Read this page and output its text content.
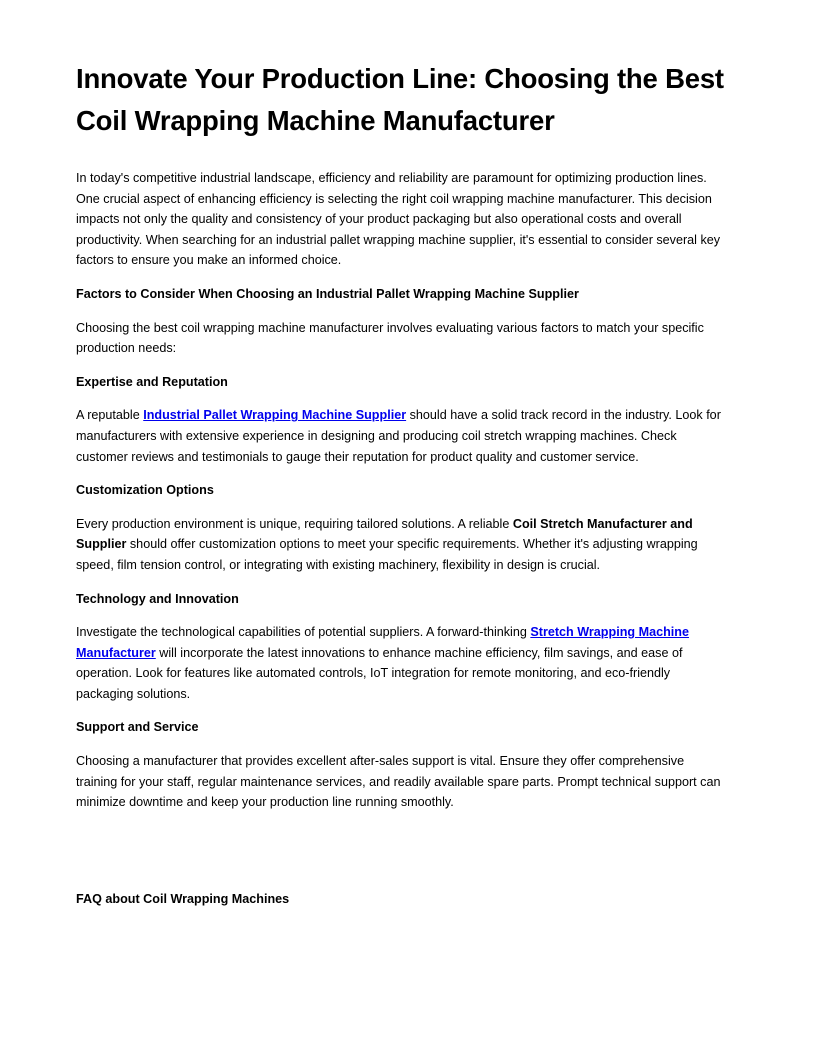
Innovate Your Production Line: Choosing the Best Coil Wrapping Machine Manufacturer

In today's competitive industrial landscape, efficiency and reliability are paramount for optimizing production lines. One crucial aspect of enhancing efficiency is selecting the right coil wrapping machine manufacturer. This decision impacts not only the quality and consistency of your product packaging but also operational costs and overall productivity. When searching for an industrial pallet wrapping machine supplier, it's essential to consider several key factors to ensure you make an informed choice.

Factors to Consider When Choosing an Industrial Pallet Wrapping Machine Supplier

Choosing the best coil wrapping machine manufacturer involves evaluating various factors to match your specific production needs:

Expertise and Reputation

A reputable Industrial Pallet Wrapping Machine Supplier should have a solid track record in the industry. Look for manufacturers with extensive experience in designing and producing coil stretch wrapping machines. Check customer reviews and testimonials to gauge their reputation for product quality and customer service.

Customization Options

Every production environment is unique, requiring tailored solutions. A reliable Coil Stretch Manufacturer and Supplier should offer customization options to meet your specific requirements. Whether it's adjusting wrapping speed, film tension control, or integrating with existing machinery, flexibility in design is crucial.

Technology and Innovation

Investigate the technological capabilities of potential suppliers. A forward-thinking Stretch Wrapping Machine Manufacturer will incorporate the latest innovations to enhance machine efficiency, film savings, and ease of operation. Look for features like automated controls, IoT integration for remote monitoring, and eco-friendly packaging solutions.

Support and Service

Choosing a manufacturer that provides excellent after-sales support is vital. Ensure they offer comprehensive training for your staff, regular maintenance services, and readily available spare parts. Prompt technical support can minimize downtime and keep your production line running smoothly.

FAQ about Coil Wrapping Machines
